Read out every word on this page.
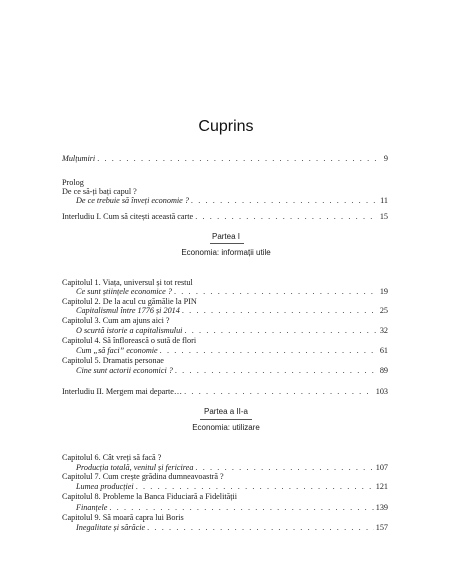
Cuprins
Mulțumiri . . .	9
Prolog
De ce să-ți bați capul ?
De ce trebuie să înveți economie ? . . .	11
Interludiu I. Cum să citești această carte . . .	15
Partea I
Economia: informații utile
Capitolul 1. Viața, universul și tot restul
Ce sunt științele economice ? . . .	19
Capitolul 2. De la acul cu gămălie la PIN
Capitalismul între 1776 și 2014 . . .	25
Capitolul 3. Cum am ajuns aici ?
O scurtă istorie a capitalismului . . .	32
Capitolul 4. Să înflorească o sută de flori
Cum „să faci” economie . . .	61
Capitolul 5. Dramatis personae
Cine sunt actorii economici ? . . .	89
Interludiu II. Mergem mai departe… . . .	103
Partea a II-a
Economia: utilizare
Capitolul 6. Cât vreți să facă ?
Producția totală, venitul și fericirea . . .	107
Capitolul 7. Cum crește grădina dumneavoastră ?
Lumea producției . . .	121
Capitolul 8. Probleme la Banca Fiduciară a Fidelității
Finanțele . . .	139
Capitolul 9. Să moară capra lui Boris
Inegalitate și sărăcie . . .	157
